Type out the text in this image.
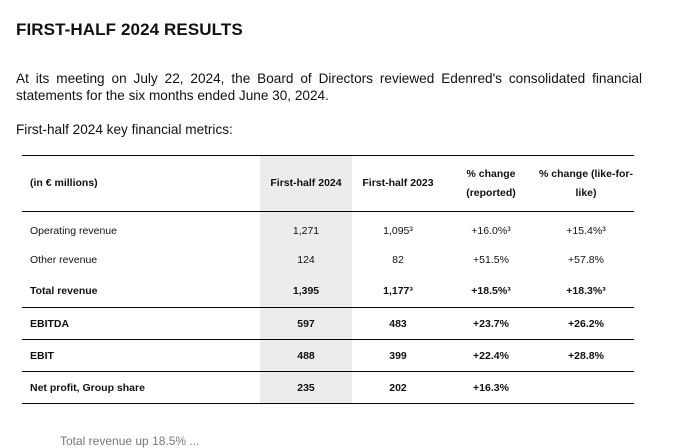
FIRST-HALF 2024 RESULTS

At its meeting on July 22, 2024, the Board of Directors reviewed Edenred's consolidated financial statements for the six months ended June 30, 2024.

First-half 2024 key financial metrics:

(in € millions)	First-half 2024	First-half 2023	% change (reported)	% change (like-for-like)
Operating revenue	1,271	1,095³	+16.0%³	+15.4%³
Other revenue	124	82	+51.5%	+57.8%
Total revenue	1,395	1,177³	+18.5%³	+18.3%³
EBITDA	597	483	+23.7%	+26.2%
EBIT	488	399	+22.4%	+28.8%
Net profit, Group share	235	202	+16.3%	
Total revenue up 18.5% ...
